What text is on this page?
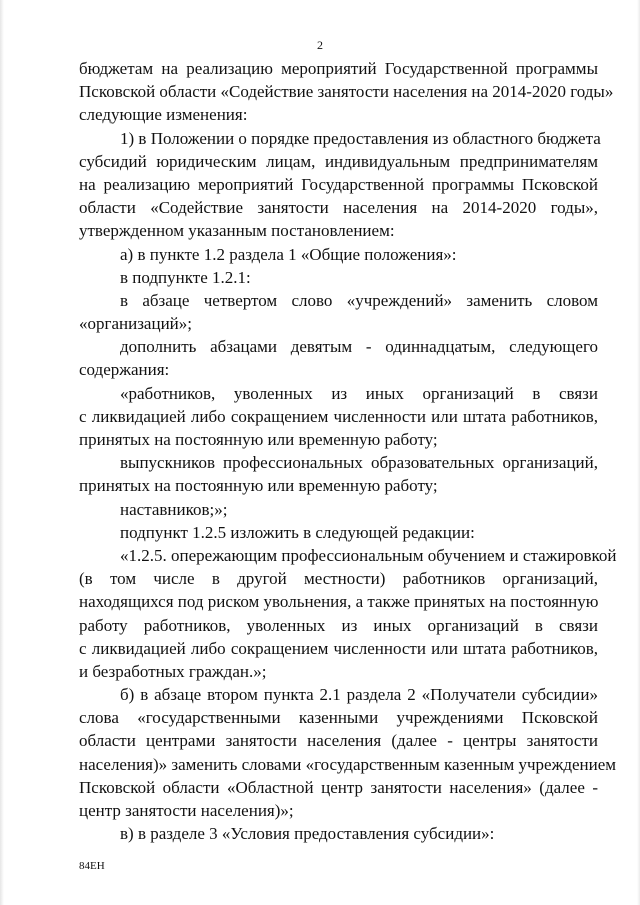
2
бюджетам на реализацию мероприятий Государственной программы
Псковской области «Содействие занятости населения на 2014-2020 годы»
следующие изменения:
1) в Положении о порядке предоставления из областного бюджета
субсидий юридическим лицам, индивидуальным предпринимателям
на реализацию мероприятий Государственной программы Псковской
области «Содействие занятости населения на 2014-2020 годы»,
утвержденном указанным постановлением:
а) в пункте 1.2 раздела 1 «Общие положения»:
в подпункте 1.2.1:
в абзаце четвертом слово «учреждений» заменить словом
«организаций»;
дополнить абзацами девятым - одиннадцатым, следующего
содержания:
«работников, уволенных из иных организаций в связи
с ликвидацией либо сокращением численности или штата работников,
принятых на постоянную или временную работу;
выпускников профессиональных образовательных организаций,
принятых на постоянную или временную работу;
наставников;»;
подпункт 1.2.5 изложить в следующей редакции:
«1.2.5. опережающим профессиональным обучением и стажировкой
(в том числе в другой местности) работников организаций,
находящихся под риском увольнения, а также принятых на постоянную
работу работников, уволенных из иных организаций в связи
с ликвидацией либо сокращением численности или штата работников,
и безработных граждан.»;
б) в абзаце втором пункта 2.1 раздела 2 «Получатели субсидии»
слова «государственными казенными учреждениями Псковской
области центрами занятости населения (далее - центры занятости
населения)» заменить словами «государственным казенным учреждением
Псковской области «Областной центр занятости населения» (далее -
центр занятости населения)»;
в) в разделе 3 «Условия предоставления субсидии»:
84ЕН
